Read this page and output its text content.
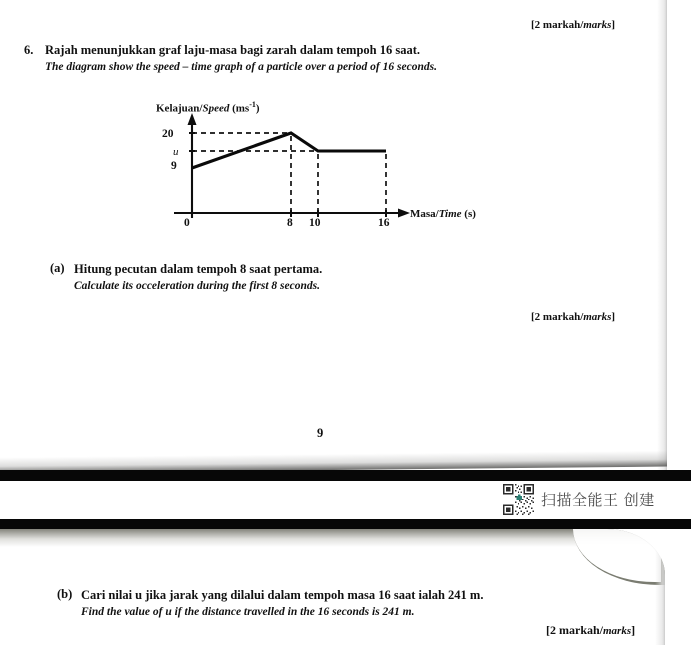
[2 markah/marks]
6. Rajah menunjukkan graf laju-masa bagi zarah dalam tempoh 16 saat.
The diagram show the speed – time graph of a particle over a period of 16 seconds.
Kelajuan/Speed $(ms^{-1})$
Masa/Time (s)
20
u
9
0	8 10	16
(a) Hitung pecutan dalam tempoh 8 saat pertama.
Calculate its occeleration during the first 8 seconds.
[2 markah/marks]
9
扫描全能王 创建
(b) Cari nilai u jika jarak yang dilalui dalam tempoh masa 16 saat ialah 241 m.
Find the value of u if the distance travelled in the 16 seconds is 241 m.
[2 markah/marks]
